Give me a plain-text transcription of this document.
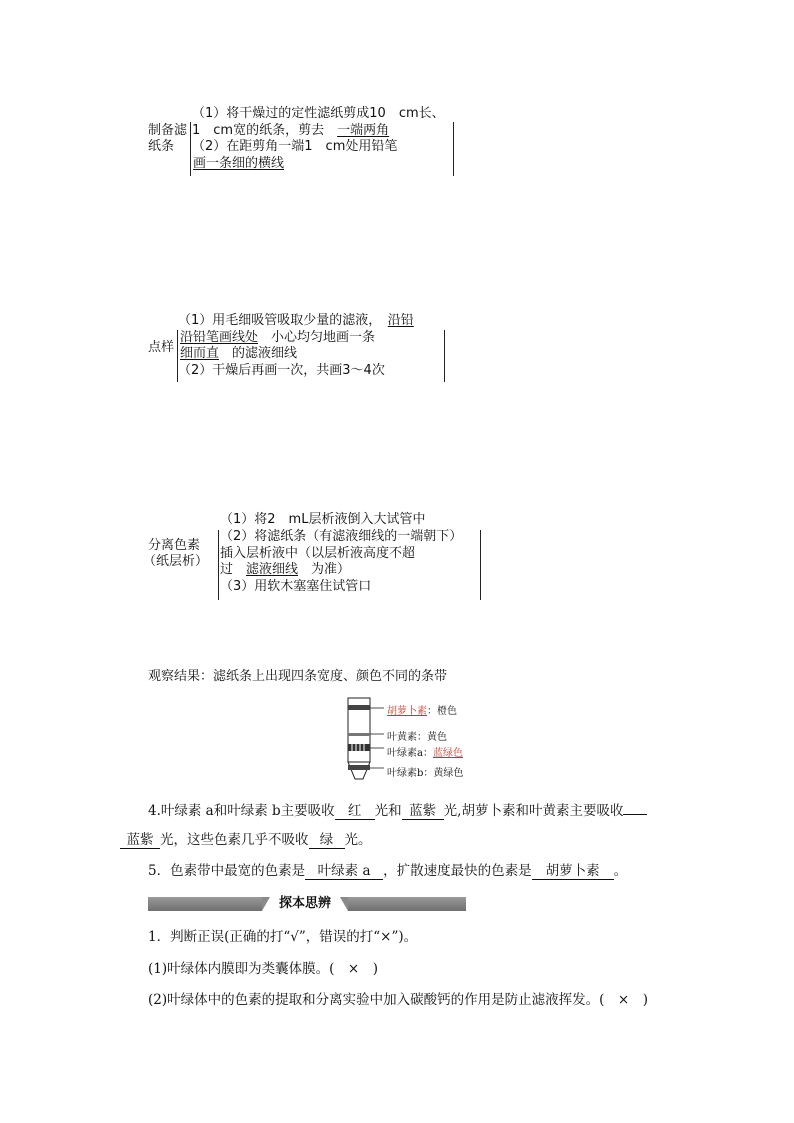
制备滤
纸条
（1）将干燥过的定性滤纸剪成10　cm长、
1　cm宽的纸条，剪去　一端两角
（2）在距剪角一端1　cm处用铅笔
画一条细的横线
点样
（1）用毛细吸管吸取少量的滤液，　沿铅
沿铅笔画线处　小心均匀地画一条
细而直　的滤液细线
（2）干燥后再画一次，共画3～4次
分离色素
（纸层析）
（1）将2　mL层析液倒入大试管中
（2）将滤纸条（有滤液细线的一端朝下）
插入层析液中（以层析液高度不超
过　滤液细线　为准）
（3）用软木塞塞住试管口
观察结果：滤纸条上出现四条宽度、颜色不同的条带
胡萝卜素：橙色
叶黄素：黄色
叶绿素a：蓝绿色
叶绿素b：黄绿色
4.叶绿素 a和叶绿素 b主要吸收 红 光和 蓝紫 光,胡萝卜素和叶黄素主要吸收
蓝紫 光，这些色素几乎不吸收 绿 光。
5．色素带中最宽的色素是 叶绿素 a ，扩散速度最快的色素是 胡萝卜素 。
探本思辨
1．判断正误(正确的打“√”，错误的打“×”)。
(1)叶绿体内膜即为类囊体膜。(　×　)
(2)叶绿体中的色素的提取和分离实验中加入碳酸钙的作用是防止滤液挥发。(　×　)
